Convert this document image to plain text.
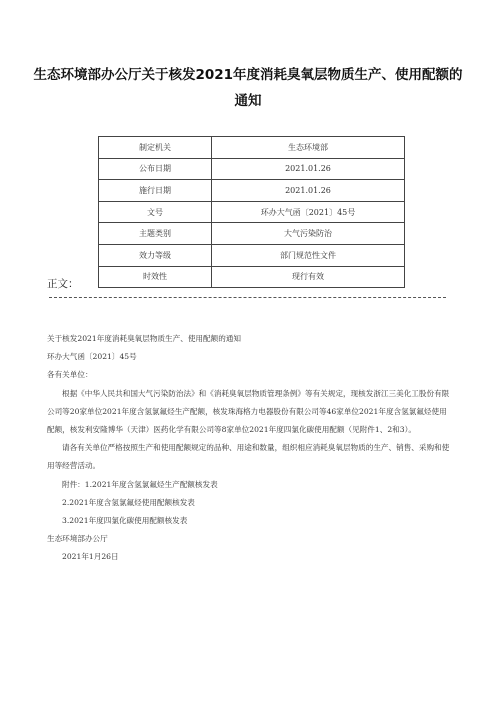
生态环境部办公厅关于核发2021年度消耗臭氧层物质生产、使用配额的通知
制定机关	生态环境部
公布日期	2021.01.26
施行日期	2021.01.26
文号	环办大气函〔2021〕45号
主题类别	大气污染防治
效力等级	部门规范性文件
时效性	现行有效
正文：

关于核发2021年度消耗臭氧层物质生产、使用配额的通知

环办大气函〔2021〕45号

各有关单位：

根据《中华人民共和国大气污染防治法》和《消耗臭氧层物质管理条例》等有关规定，现核发浙江三美化工股份有限公司等20家单位2021年度含氢氯氟烃生产配额，核发珠海格力电器股份有限公司等46家单位2021年度含氢氯氟烃使用配额，核发利安隆博华（天津）医药化学有限公司等8家单位2021年度四氯化碳使用配额（见附件1、2和3）。

请各有关单位严格按照生产和使用配额规定的品种、用途和数量，组织相应消耗臭氧层物质的生产、销售、采购和使用等经营活动。

附件：1.2021年度含氢氯氟烃生产配额核发表

2.2021年度含氢氯氟烃使用配额核发表

3.2021年度四氯化碳使用配额核发表

生态环境部办公厅

2021年1月26日
